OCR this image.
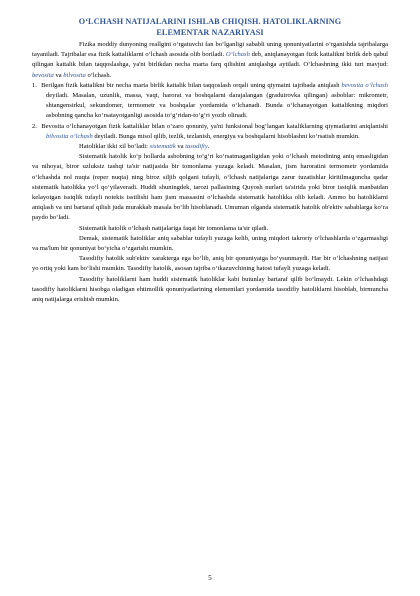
O‘LCHASH NATIJALARINI ISHLAB CHIQISH. HATOLIKLARNING
ELEMENTAR NAZARIYASI

Fizika moddiy dunyoning reallgini o‘rgatuvchi fan bo‘lganligi sababli uning qonuniyatlarini o‘rganishda tajribalarga tayaniladi. Tajribalar esa fizik kattaliklarni o‘lchash asosida olib boriladi. O‘lchash deb, aniqlanayotgan fizik kattalikni birlik deb qabul qilingan kattalik bilan taqqoslashga, ya'ni birlikdan necha marta farq qilishini aniqlashga aytiladi. O‘lchashning ikki turi mavjud: bevosita va bilvosita o‘lchash.

1. Berilgan fizik kattalikni bir necha marta birlik kattalik bilan taqqoslash orqali uning qiymatni tajribada aniqlash bevosita o‘lchash deyiladi. Masalan, uzunlik, massa, vaqt, harorat va boshqalarni darajalangan (graduirovka qilingan) asboblar: mikrometr, shtangensirkul, sekundomer, termometr va boshqalar yordamida o‘lchanadi. Bunda o‘lchanayotgan kattalikning miqdori asbobning qancha ko‘rsatayotganligi asosida to‘g‘ridan-to‘g‘ri yozib olinadi.

2. Bevosita o‘lchanayotgan fizik kattaliklar bilan o‘zaro qonuniy, ya'ni funksional bog‘langan kataliklarning qiymatlarini aniqlanishi bilvosita o‘lchash deyiladi. Bunga misol qilib, tezlik, tezlanish, energiya va boshqalarni hisoblashni ko‘rsatish mumkin.

Hatoliklar ikki xil bo‘ladi: sistematik va tasodifiy.

Sistematik hatolik ko‘p hollarda asbobning to‘g‘ri ko‘rsatmaganligidan yoki o‘lchash metodining aniq emasligidan va nihoyat, biror uzluksiz tashqi ta'sir natijasida bir tomonlama yuzaga keladi. Masalan, jism haroratini termometr yordamida o‘lchashda nol nuqta (reper nuqta) ning biroz siljib qolgani tufayli, o‘lchash natijalariga zarur tuzatishlar kiritilmaguncha qadar sistematik hatolikka yo‘l qo‘yilaveradi. Huddi shuningdek, tarozi pallasining Quyosh nurlari ta'sirida yoki biror issiqlik manbaidan kelayotgan issiqlik tufayli notekis isstilishi ham jism massasini o‘lchashda sistematik hatolikka olib keladi. Ammo bu hatoliklarni aniqlash va uni bartaraf qilish juda murakkab masala bo‘lib hisoblanadi. Umuman olganda sistematik hatolik ob'ektiv sabablarga ko‘ra paydo bo‘ladi.

Sistematik hatolik o‘lchash natijalariga faqat bir tomonlama ta'sir qiladi.

Demak, sistematik hatoliklar aniq sabablar tufayli yuzaga kelib, uning miqdori takroriy o‘lchashlarda o‘zgarmasligi va ma'lum bir qonuniyat bo‘yicha o‘zgarishi mumkin.

Tasodifiy hatolik sub'ektiv xarakterga ega bo‘lib, aniq bir qonuniyatga bo‘ysunmaydi. Har bir o‘lchashning natijasi yo ortiq yoki kam bo‘lishi mumkin. Tasodifiy hatolik, asosan tajriba o‘tkazuvchining hatosi tufayli yuzaga keladi.

Tasodifiy hatoliklarni ham huddi sistematik hatoliklar kabi butunlay bartaraf qilib bo‘lmaydi. Lekin o‘lchashdagi tasodifiy hatoliklarni hisobga oladigan ehtimollik qonuniyatlarining elementlari yordamida tasodifiy hatoliklarni hisoblab, birmuncha aniq natijalarga erishish mumkin.

5
